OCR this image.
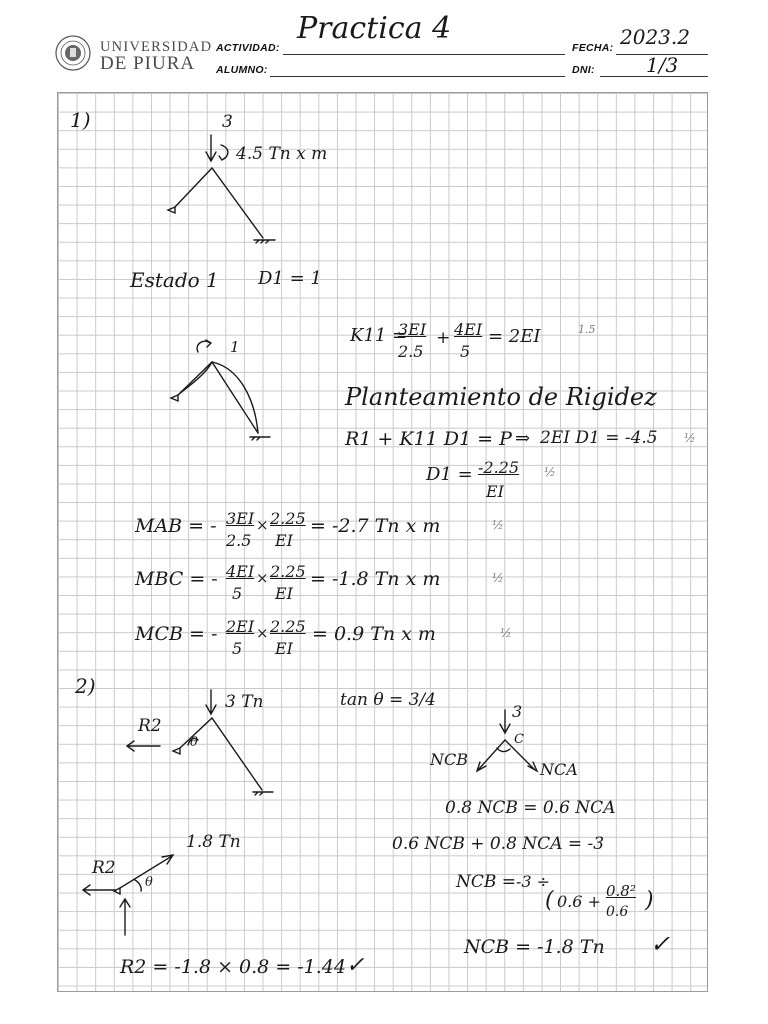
UNIVERSIDAD
DE PIURA
ACTIVIDAD:
Practica 4
ALUMNO:
FECHA: 2023.2
DNI:	1/3
1)	3
4.5 Tn x m
Estado 1 D1 = 1
1
K11 =
3EI
2.5
+ 4EI
5
= 2EI	1.5
Planteamiento de Rigidez
R1 + K11 D1 = P ⇒ 2EI D1 = -4.5 ½
D1 = -2.25
EI
½
MAB = - 3EI
2.5
× 2.25
EI
= -2.7 Tn x m	½
MBC = - 4EI
5
× 2.25
EI
= -1.8 Tn x m	½
MCB = - 2EI
5
× 2.25
EI
= 0.9 Tn x m	½
2)
3 Tn	tan θ = 3/4
R2
θ
3
C
NCB
NCA
0.8 NCB = 0.6 NCA
0.6 NCB + 0.8 NCA = -3
NCB = -3 ÷
( 0.6 +
0.8²
0.6 )
NCB = -1.8 Tn ✓
1.8 Tn
R2
θ
R2 = -1.8 × 0.8 = -1.44 ✓
